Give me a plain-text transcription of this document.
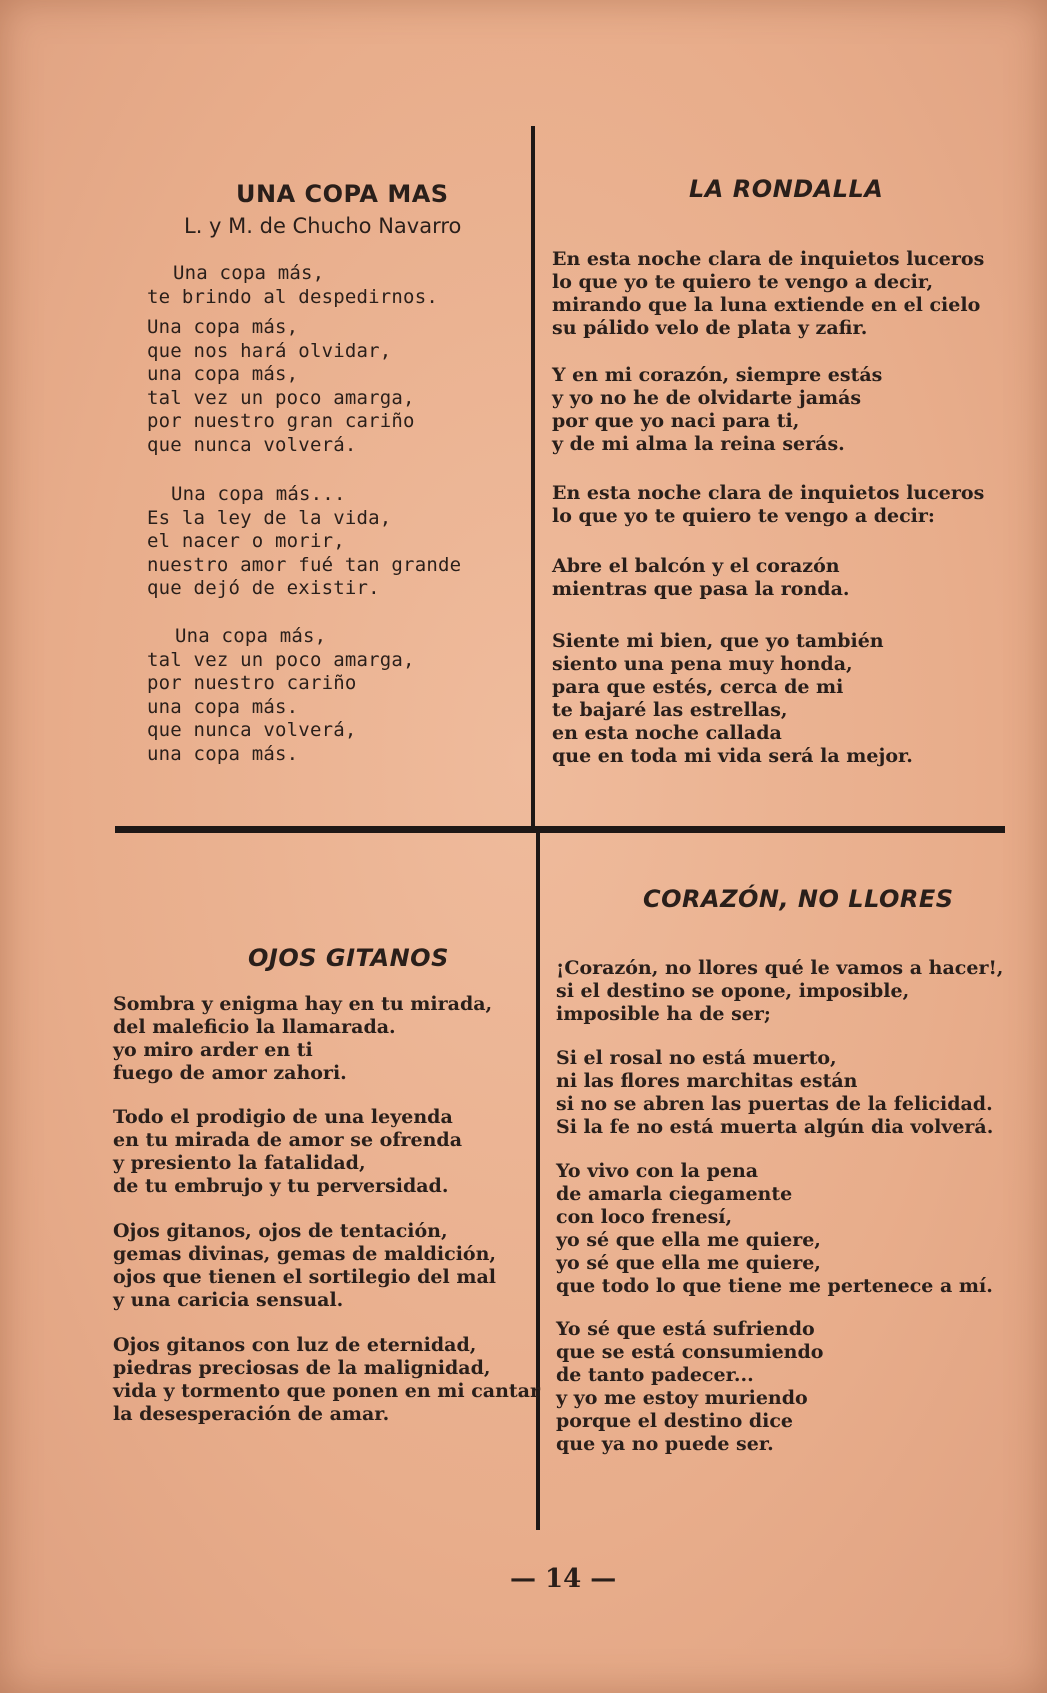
UNA COPA MAS

L. y M. de Chucho Navarro

Una copa más,
te brindo al despedirnos.
Una copa más,
que nos hará olvidar,
una copa más,
tal vez un poco amarga,
por nuestro gran cariño
que nunca volverá.
Una copa más...
Es la ley de la vida,
el nacer o morir,
nuestro amor fué tan grande
que dejó de existir.
Una copa más,
tal vez un poco amarga,
por nuestro cariño
una copa más.
que nunca volverá,
una copa más.
LA RONDALLA
En esta noche clara de inquietos luceros
lo que yo te quiero te vengo a decir,
mirando que la luna extiende en el cielo
su pálido velo de plata y zafir.
Y en mi corazón, siempre estás
y yo no he de olvidarte jamás
por que yo naci para ti,
y de mi alma la reina serás.
En esta noche clara de inquietos luceros
lo que yo te quiero te vengo a decir:
Abre el balcón y el corazón
mientras que pasa la ronda.
Siente mi bien, que yo también
siento una pena muy honda,
para que estés, cerca de mi
te bajaré las estrellas,
en esta noche callada
que en toda mi vida será la mejor.
OJOS GITANOS
Sombra y enigma hay en tu mirada,
del maleficio la llamarada.
yo miro arder en ti
fuego de amor zahori.
Todo el prodigio de una leyenda
en tu mirada de amor se ofrenda
y presiento la fatalidad,
de tu embrujo y tu perversidad.
Ojos gitanos, ojos de tentación,
gemas divinas, gemas de maldición,
ojos que tienen el sortilegio del mal
y una caricia sensual.
Ojos gitanos con luz de eternidad,
piedras preciosas de la malignidad,
vida y tormento que ponen en mi cantar
la desesperación de amar.
CORAZÓN, NO LLORES
¡Corazón, no llores qué le vamos a hacer!,
si el destino se opone, imposible,
imposible ha de ser;
Si el rosal no está muerto,
ni las flores marchitas están
si no se abren las puertas de la felicidad.
Si la fe no está muerta algún dia volverá.
Yo vivo con la pena
de amarla ciegamente
con loco frenesí,
yo sé que ella me quiere,
yo sé que ella me quiere,
que todo lo que tiene me pertenece a mí.
Yo sé que está sufriendo
que se está consumiendo
de tanto padecer...
y yo me estoy muriendo
porque el destino dice
que ya no puede ser.
— 14 —
